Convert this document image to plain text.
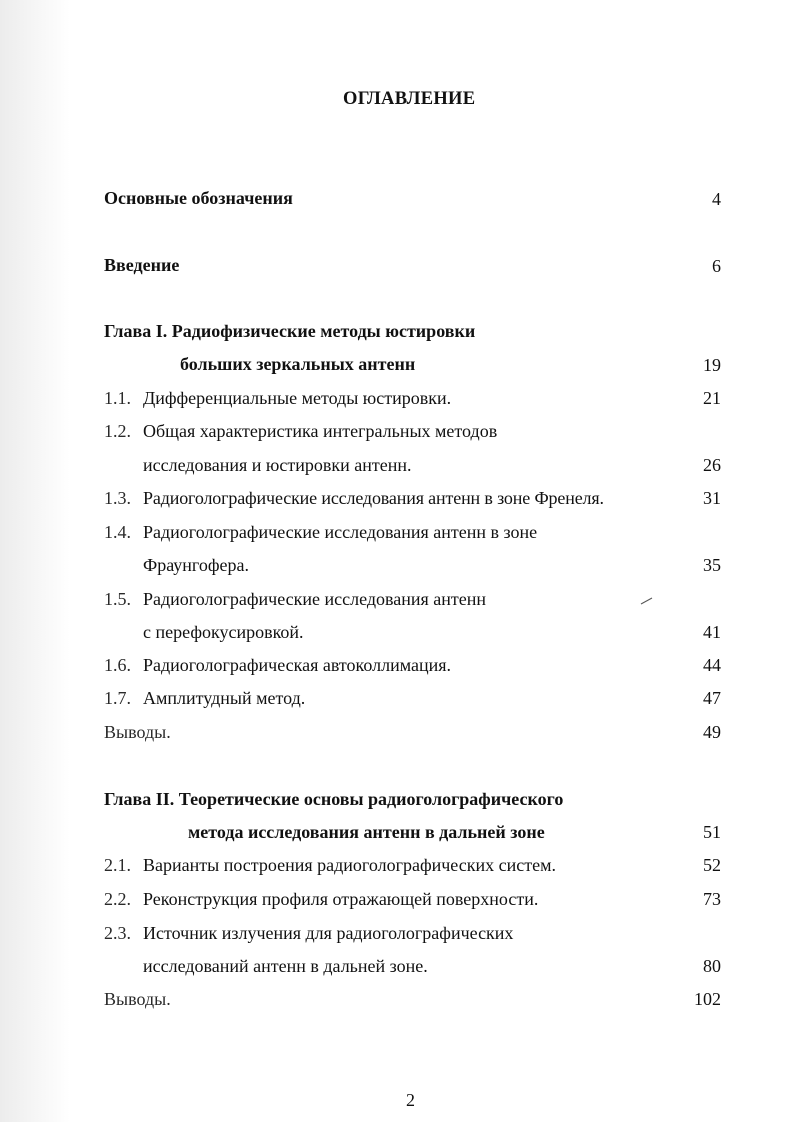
ОГЛАВЛЕНИЕ
Основные обозначения	4
Введение	6
Глава I. Радиофизические методы юстировки
больших зеркальных антенн	19
1.1. Дифференциальные методы юстировки.	21
1.2. Общая характеристика интегральных методов
исследования и юстировки антенн.	26
1.3. Радиоголографические исследования антенн в зоне Френеля.	31
1.4. Радиоголографические исследования антенн в зоне
Фраунгофера.	35
1.5. Радиоголографические исследования антенн
с перефокусировкой.	41
1.6. Радиоголографическая автоколлимация.	44
1.7. Амплитудный метод.	47
Выводы.	49
Глава II. Теоретические основы радиоголографического
метода исследования антенн в дальней зоне	51
2.1. Варианты построения радиоголографических систем.	52
2.2. Реконструкция профиля отражающей поверхности.	73
2.3. Источник излучения для радиоголографических
исследований антенн в дальней зоне.	80
Выводы.	102
2
